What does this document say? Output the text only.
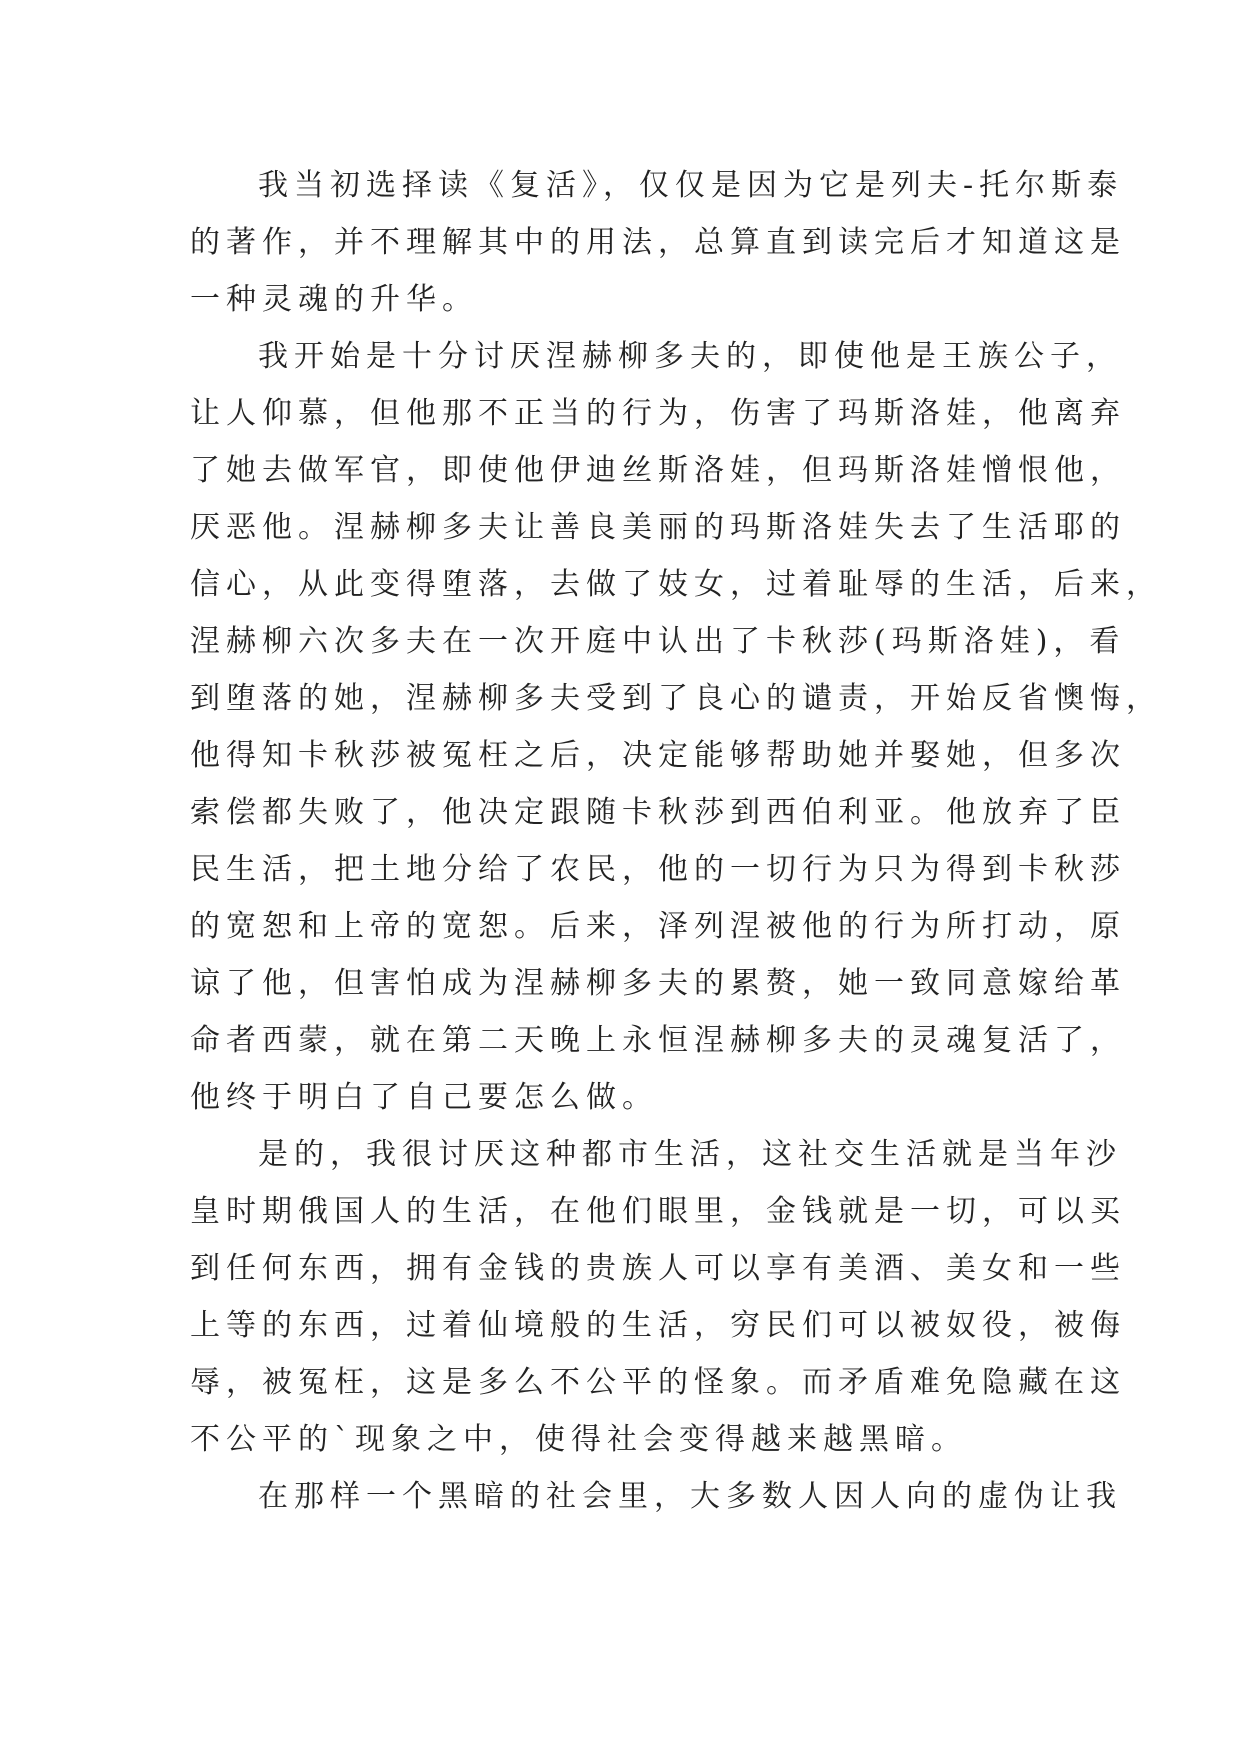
我当初选择读《复活》，仅仅是因为它是列夫-托尔斯泰
的著作，并不理解其中的用法，总算直到读完后才知道这是
一种灵魂的升华。
我开始是十分讨厌涅赫柳多夫的，即使他是王族公子，
让人仰慕，但他那不正当的行为，伤害了玛斯洛娃，他离弃
了她去做军官，即使他伊迪丝斯洛娃，但玛斯洛娃憎恨他，
厌恶他。涅赫柳多夫让善良美丽的玛斯洛娃失去了生活耶的
信心，从此变得堕落，去做了妓女，过着耻辱的生活，后来，
涅赫柳六次多夫在一次开庭中认出了卡秋莎(玛斯洛娃)，看
到堕落的她，涅赫柳多夫受到了良心的谴责，开始反省懊悔，
他得知卡秋莎被冤枉之后，决定能够帮助她并娶她，但多次
索偿都失败了，他决定跟随卡秋莎到西伯利亚。他放弃了臣
民生活，把土地分给了农民，他的一切行为只为得到卡秋莎
的宽恕和上帝的宽恕。后来，泽列涅被他的行为所打动，原
谅了他，但害怕成为涅赫柳多夫的累赘，她一致同意嫁给革
命者西蒙，就在第二天晚上永恒涅赫柳多夫的灵魂复活了，
他终于明白了自己要怎么做。
是的，我很讨厌这种都市生活，这社交生活就是当年沙
皇时期俄国人的生活，在他们眼里，金钱就是一切，可以买
到任何东西，拥有金钱的贵族人可以享有美酒、美女和一些
上等的东西，过着仙境般的生活，穷民们可以被奴役，被侮
辱，被冤枉，这是多么不公平的怪象。而矛盾难免隐藏在这
不公平的`现象之中，使得社会变得越来越黑暗。
在那样一个黑暗的社会里，大多数人因人向的虚伪让我
